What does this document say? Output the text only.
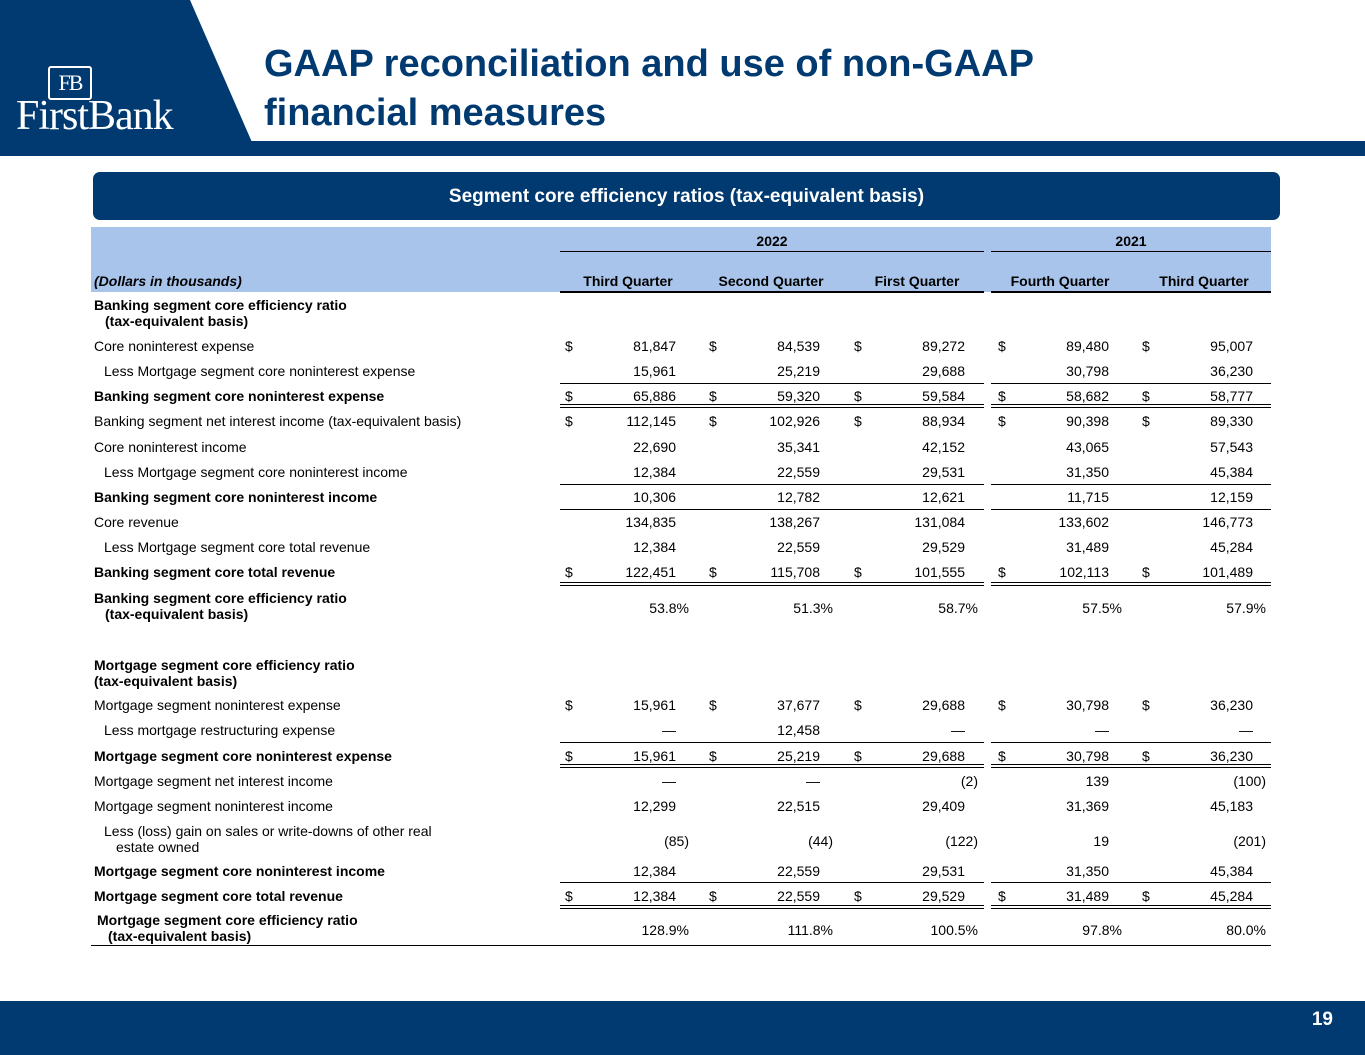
FB
FirstBank
GAAP reconciliation and use of non-GAAP
financial measures
Segment core efficiency ratios (tax-equivalent basis)
2022	2021
(Dollars in thousands)	Third Quarter	Second Quarter	First Quarter	Fourth Quarter	Third Quarter
Banking segment core efficiency ratio
(tax-equivalent basis)
Core noninterest expense	$	81,847 $	84,539 $	89,272 $	89,480 $	95,007
Less Mortgage segment core noninterest expense	15,961	25,219	29,688	30,798	36,230
Banking segment core noninterest expense	$	65,886 $	59,320 $	59,584 $	58,682 $	58,777
Banking segment net interest income (tax-equivalent basis)	$	112,145 $	102,926 $	88,934 $	90,398 $	89,330
Core noninterest income	22,690	35,341	42,152	43,065	57,543
Less Mortgage segment core noninterest income	12,384	22,559	29,531	31,350	45,384
Banking segment core noninterest income	10,306	12,782	12,621	11,715	12,159
Core revenue	134,835	138,267	131,084	133,602	146,773
Less Mortgage segment core total revenue	12,384	22,559	29,529	31,489	45,284
Banking segment core total revenue	$	122,451 $	115,708 $	101,555 $	102,113 $	101,489
Banking segment core efficiency ratio
(tax-equivalent basis)	53.8%	51.3%	58.7%	57.5%	57.9%
Mortgage segment core efficiency ratio
(tax-equivalent basis)
Mortgage segment noninterest expense	$	15,961 $	37,677 $	29,688 $	30,798 $	36,230
Less mortgage restructuring expense	—	12,458	—	—	—
Mortgage segment core noninterest expense	$	15,961 $	25,219 $	29,688 $	30,798 $	36,230
Mortgage segment net interest income	—	—	(2)	139	(100)
Mortgage segment noninterest income	12,299	22,515	29,409	31,369	45,183
Less (loss) gain on sales or write-downs of other real
estate owned	(85)	(44)	(122)	19	(201)
Mortgage segment core noninterest income	12,384	22,559	29,531	31,350	45,384
Mortgage segment core total revenue	$	12,384 $	22,559 $	29,529 $	31,489 $	45,284
Mortgage segment core efficiency ratio
(tax-equivalent basis)	128.9%	111.8%	100.5%	97.8%	80.0%
19
